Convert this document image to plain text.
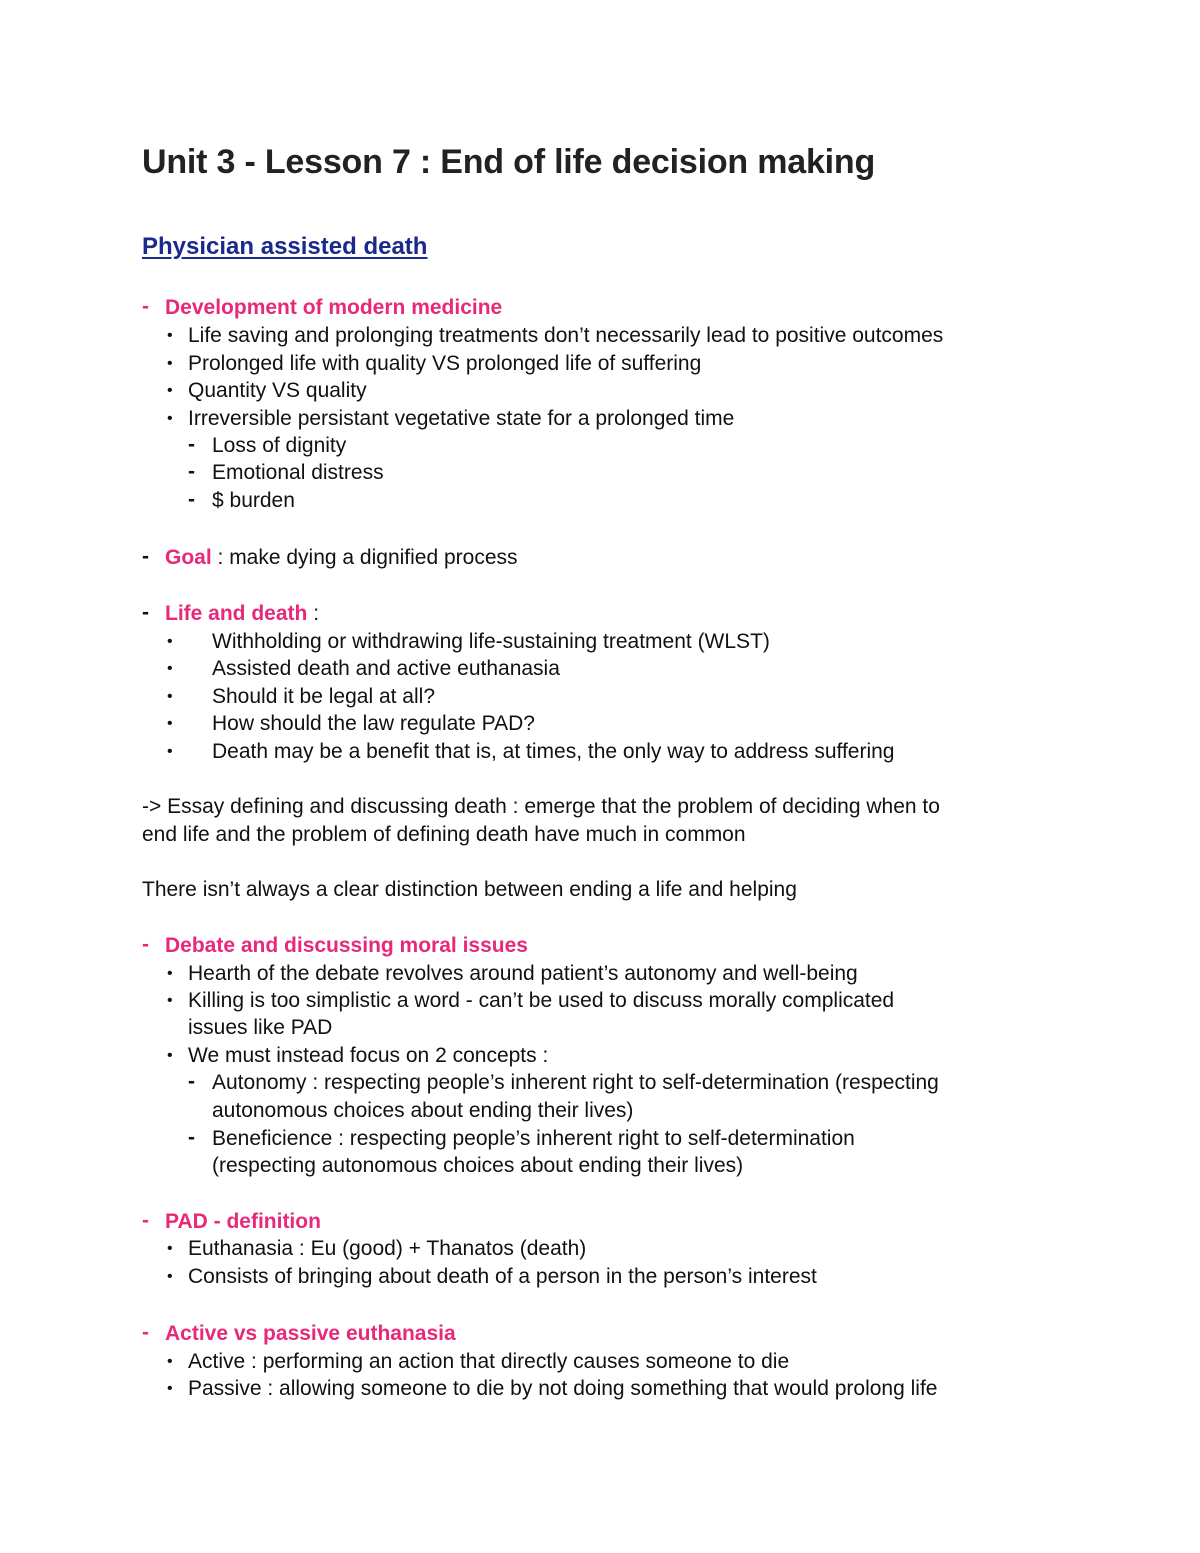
Unit 3 - Lesson 7 : End of life decision making
Physician assisted death
- Development of modern medicine

• Life saving and prolonging treatments don’t necessarily lead to positive outcomes

• Prolonged life with quality VS prolonged life of suffering

• Quantity VS quality

• Irreversible persistant vegetative state for a prolonged time

- Loss of dignity

- Emotional distress

- $ burden

- Goal : make dying a dignified process

- Life and death :

• Withholding or withdrawing life-sustaining treatment (WLST)

• Assisted death and active euthanasia

• Should it be legal at all?

• How should the law regulate PAD?

• Death may be a benefit that is, at times, the only way to address suffering

-> Essay defining and discussing death : emerge that the problem of deciding when to

end life and the problem of defining death have much in common

There isn’t always a clear distinction between ending a life and helping

- Debate and discussing moral issues

• Hearth of the debate revolves around patient’s autonomy and well-being

• Killing is too simplistic a word - can’t be used to discuss morally complicated

issues like PAD

• We must instead focus on 2 concepts :

- Autonomy : respecting people’s inherent right to self-determination (respecting

autonomous choices about ending their lives)

- Beneficience : respecting people’s inherent right to self-determination

(respecting autonomous choices about ending their lives)

- PAD - definition

• Euthanasia : Eu (good) + Thanatos (death)

• Consists of bringing about death of a person in the person’s interest

- Active vs passive euthanasia

• Active : performing an action that directly causes someone to die

• Passive : allowing someone to die by not doing something that would prolong life
